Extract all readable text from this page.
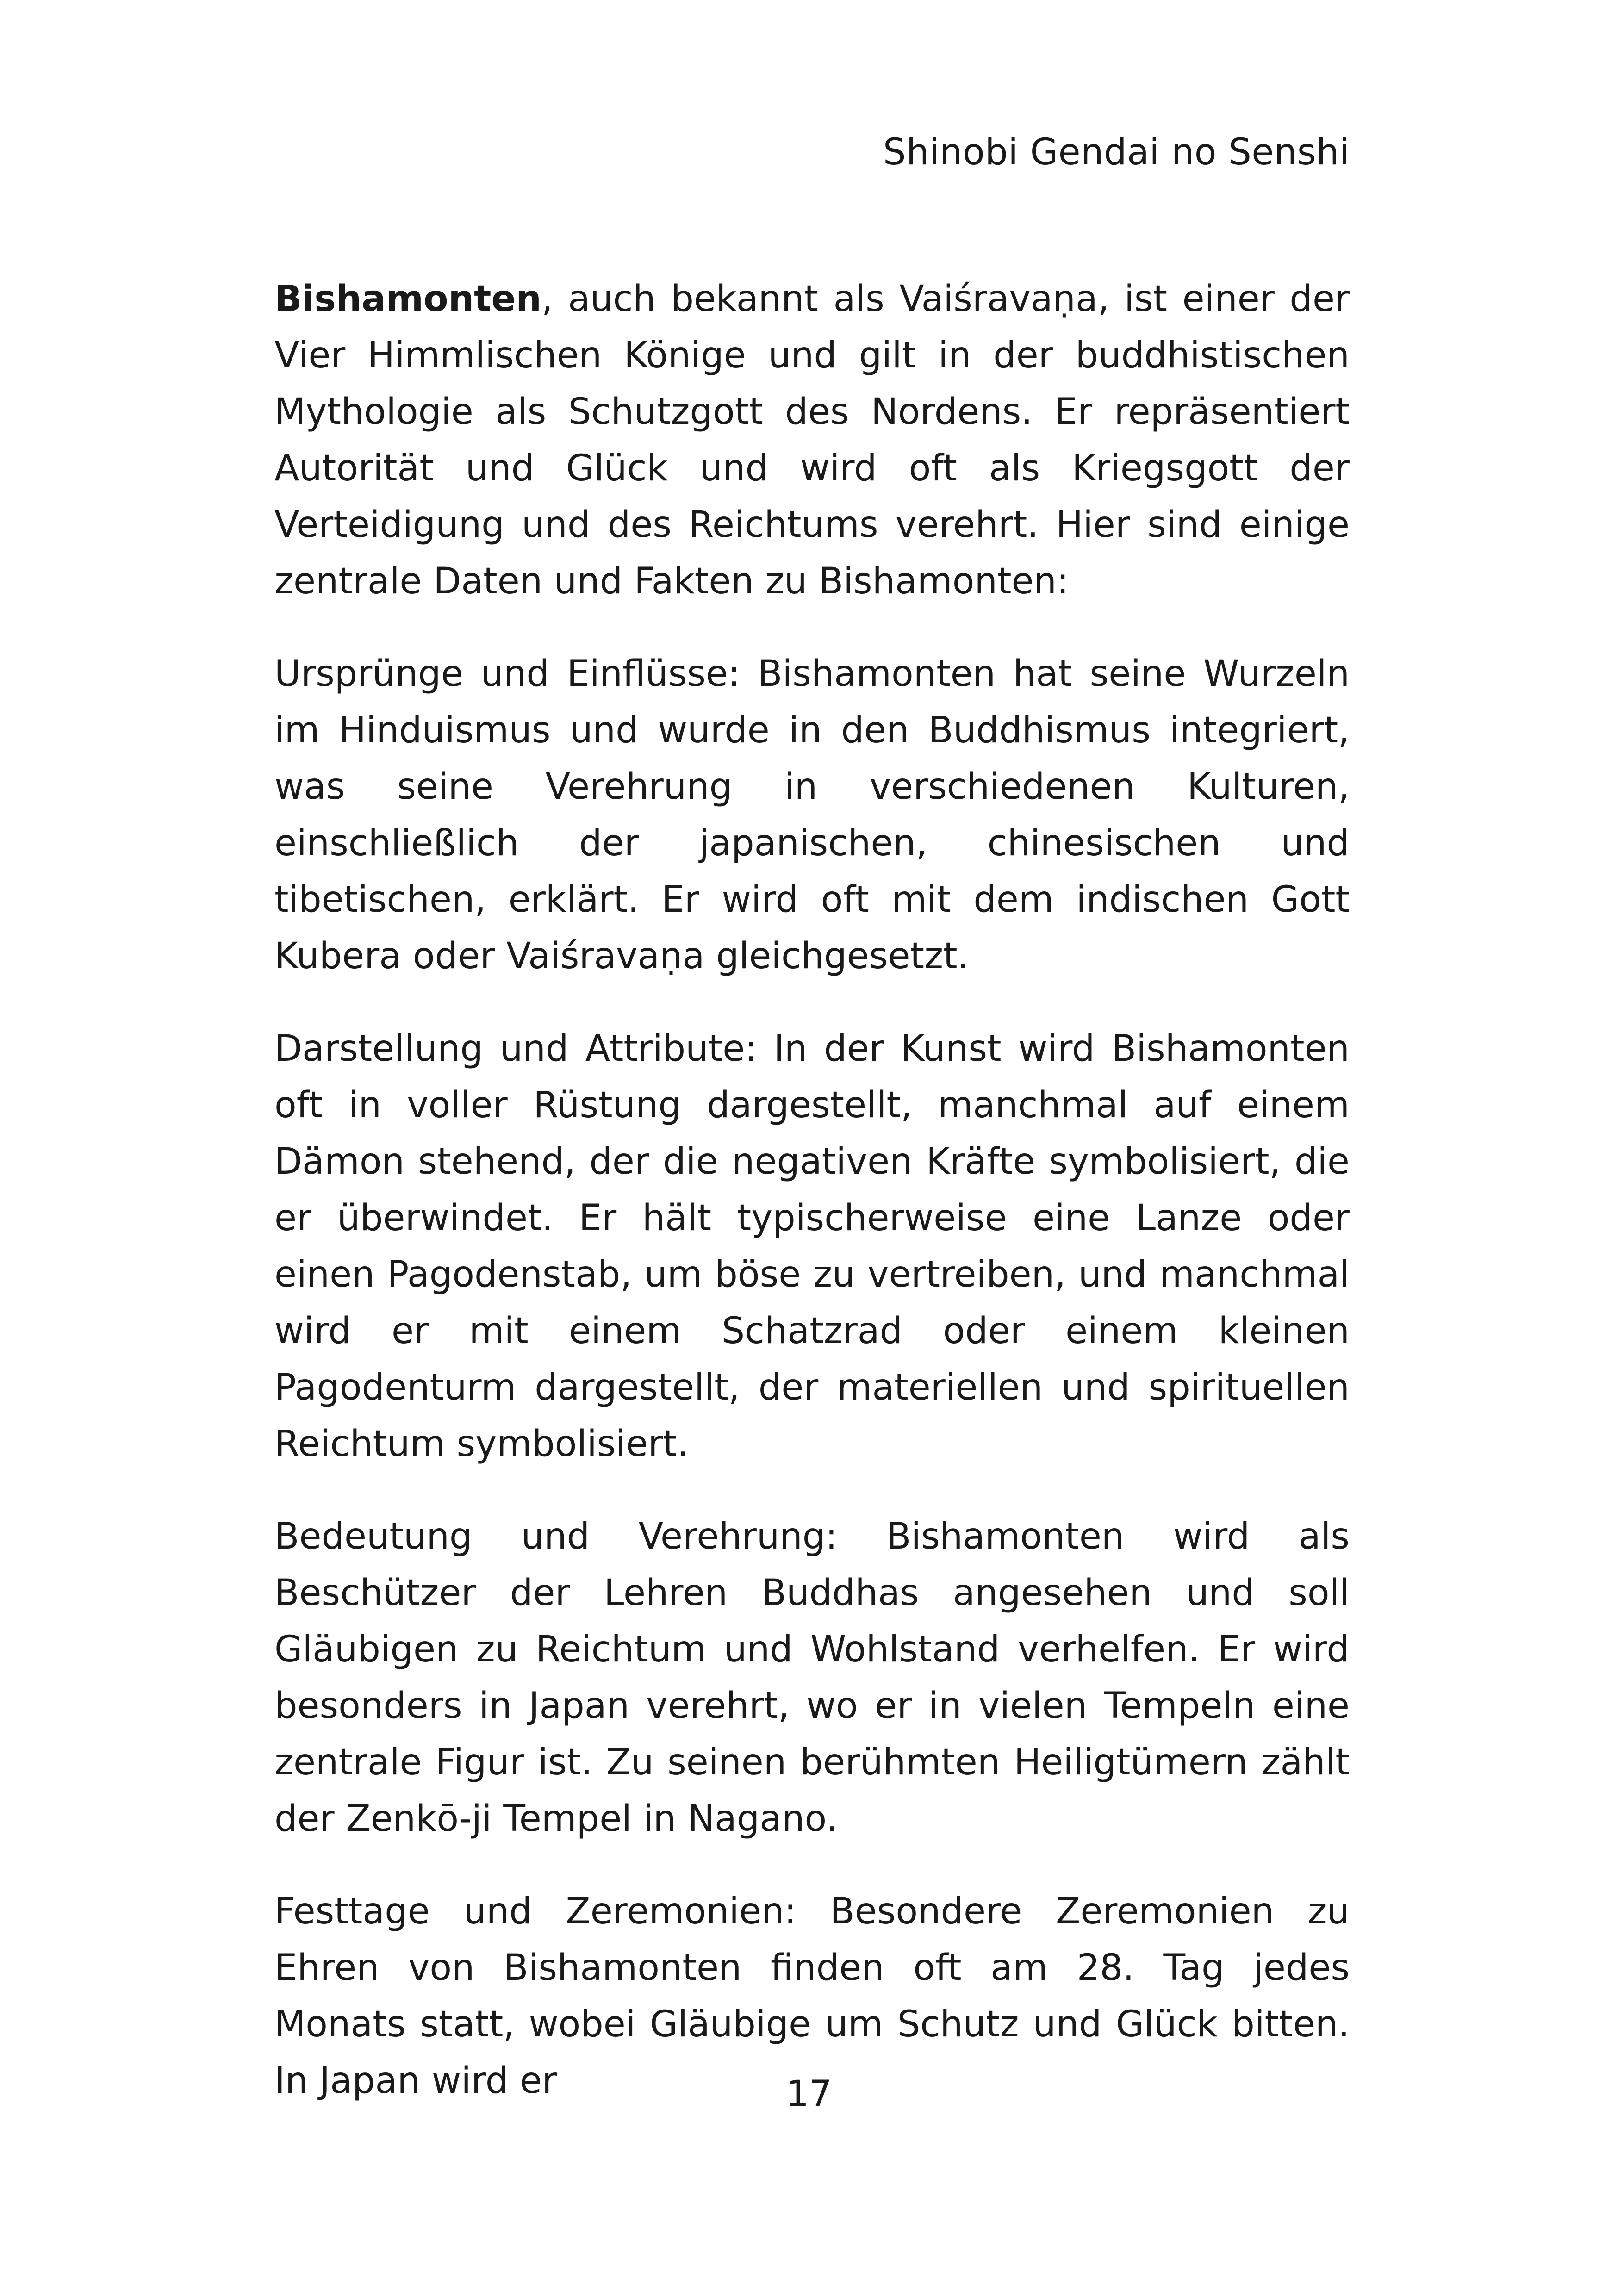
Shinobi Gendai no Senshi

Bishamonten, auch bekannt als Vaiśravaṇa, ist einer der Vier Himmlischen Könige und gilt in der buddhistischen Mythologie als Schutzgott des Nordens. Er repräsentiert Autorität und Glück und wird oft als Kriegsgott der Verteidigung und des Reichtums verehrt. Hier sind einige zentrale Daten und Fakten zu Bishamonten:

Ursprünge und Einflüsse: Bishamonten hat seine Wurzeln im Hinduismus und wurde in den Buddhismus integriert, was seine Verehrung in verschiedenen Kulturen, einschließlich der japanischen, chinesischen und tibetischen, erklärt. Er wird oft mit dem indischen Gott Kubera oder Vaiśravaṇa gleichgesetzt.

Darstellung und Attribute: In der Kunst wird Bishamonten oft in voller Rüstung dargestellt, manchmal auf einem Dämon stehend, der die negativen Kräfte symbolisiert, die er überwindet. Er hält typischerweise eine Lanze oder einen Pagodenstab, um böse zu vertreiben, und manchmal wird er mit einem Schatzrad oder einem kleinen Pagodenturm dargestellt, der materiellen und spirituellen Reichtum symbolisiert.

Bedeutung und Verehrung: Bishamonten wird als Beschützer der Lehren Buddhas angesehen und soll Gläubigen zu Reichtum und Wohlstand verhelfen. Er wird besonders in Japan verehrt, wo er in vielen Tempeln eine zentrale Figur ist. Zu seinen berühmten Heiligtümern zählt der Zenkō-ji Tempel in Nagano.

Festtage und Zeremonien: Besondere Zeremonien zu Ehren von Bishamonten finden oft am 28. Tag jedes Monats statt, wobei Gläubige um Schutz und Glück bitten. In Japan wird er	17
